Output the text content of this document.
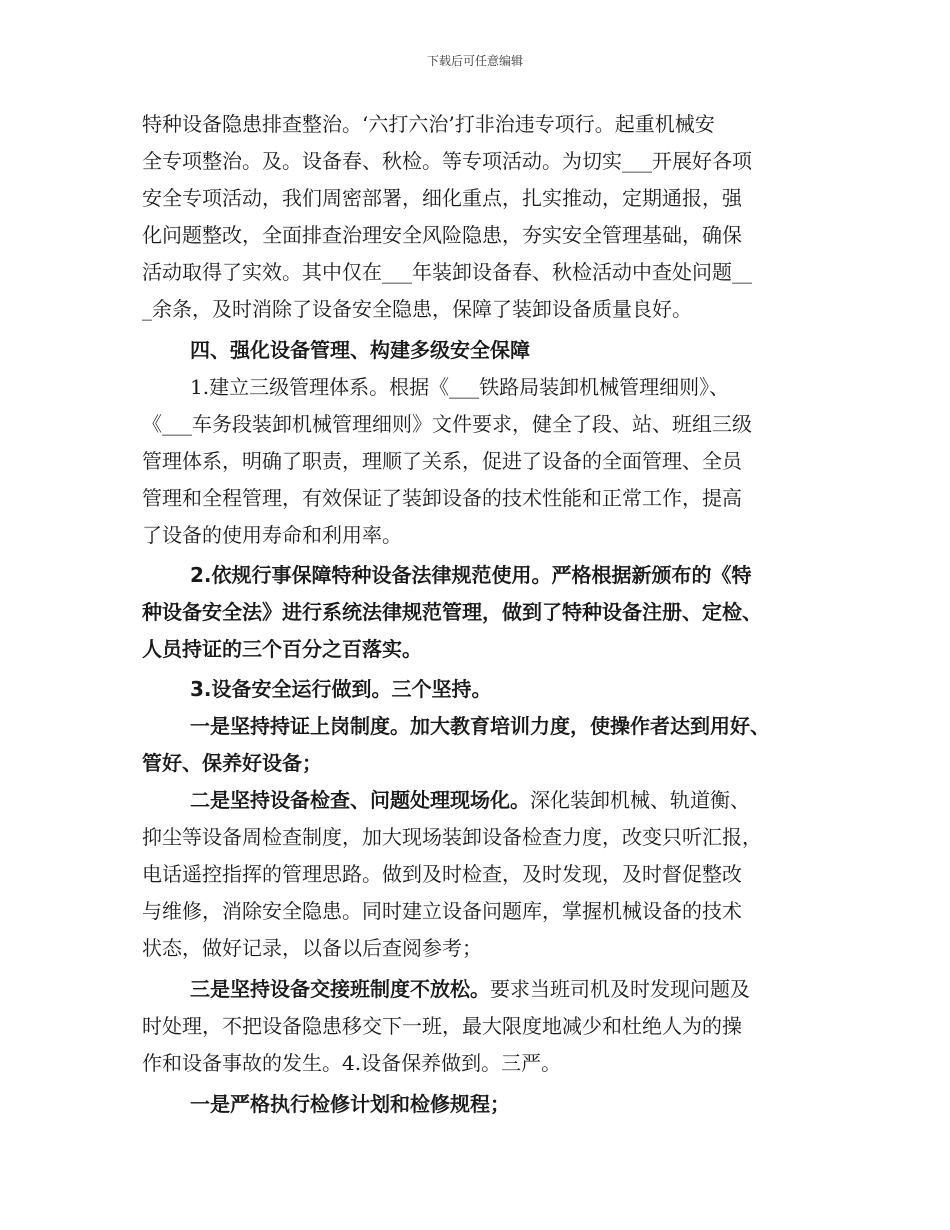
下载后可任意编辑
特种设备隐患排查整治。‘六打六治’打非治违专项行。起重机械安
全专项整治。及。设备春、秋检。等专项活动。为切实___开展好各项
安全专项活动，我们周密部署，细化重点，扎实推动，定期通报，强
化问题整改，全面排查治理安全风险隐患，夯实安全管理基础，确保
活动取得了实效。其中仅在___年装卸设备春、秋检活动中查处问题__
_余条，及时消除了设备安全隐患，保障了装卸设备质量良好。
四、强化设备管理、构建多级安全保障
1.建立三级管理体系。根据《___铁路局装卸机械管理细则》、
《___车务段装卸机械管理细则》文件要求，健全了段、站、班组三级
管理体系，明确了职责，理顺了关系，促进了设备的全面管理、全员
管理和全程管理，有效保证了装卸设备的技术性能和正常工作，提高
了设备的使用寿命和利用率。
2.依规行事保障特种设备法律规范使用。严格根据新颁布的《特
种设备安全法》进行系统法律规范管理，做到了特种设备注册、定检、
人员持证的三个百分之百落实。
3.设备安全运行做到。三个坚持。
一是坚持持证上岗制度。加大教育培训力度，使操作者达到用好、
管好、保养好设备；
二是坚持设备检查、问题处理现场化。深化装卸机械、轨道衡、
抑尘等设备周检查制度，加大现场装卸设备检查力度，改变只听汇报，
电话遥控指挥的管理思路。做到及时检查，及时发现，及时督促整改
与维修，消除安全隐患。同时建立设备问题库，掌握机械设备的技术
状态，做好记录，以备以后查阅参考；
三是坚持设备交接班制度不放松。要求当班司机及时发现问题及
时处理，不把设备隐患移交下一班，最大限度地减少和杜绝人为的操
作和设备事故的发生。4.设备保养做到。三严。
一是严格执行检修计划和检修规程；
